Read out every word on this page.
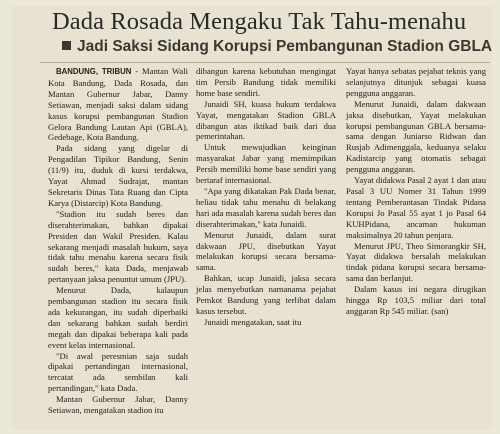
Dada Rosada Mengaku Tak Tahu-menahu
Jadi Saksi Sidang Korupsi Pembangunan Stadion GBLA

BANDUNG, TRIBUN - Mantan Wali Kota Bandung, Dada Rosada, dan Mantan Gubernur Jabar, Danny Setiawan, menjadi saksi dalam sidang kasus korupsi pembangunan Stadion Gelora Bandung Lautan Api (GBLA), Gedebage, Kota Bandung.

Pada sidang yang digelar di Pengadilan Tipikor Bandung, Senin (11/9) itu, duduk di kursi terdakwa, Yayat Ahmad Sudrajat, mantan Sekretaris Dinas Tata Ruang dan Cipta Karya (Distarcip) Kota Bandung.

"Stadion itu sudah beres dan diserahterimakan, bahkan dipakai Presiden dan Wakil Presiden. Kalau sekarang menjadi masalah hukum, saya tidak tahu menahu karena secara fisik sudah beres," kata Dada, menjawab pertanyaan jaksa penuntut umum (JPU).

Menurut Dada, kalaupun pembangunan stadion itu secara fisik ada kekurangan, itu sudah diperbaiki dan sekarang bahkan sudah berdiri megah dan dipakai beberapa kali pada event kelas internasional.

"Di awal peresmian saja sudah dipakai pertandingan internasional, tercatat ada sembilan kali pertandingan," kata Dada.

Mantan Gubernur Jabar, Danny Setiawan, mengatakan stadion itu

dibangun karena kebutuhan mengingat tim Persib Bandung tidak memiliki home base sendiri.

Junaidi SH, kuasa hukum terdakwa Yayat, mengatakan Stadion GBLA dibangun atas iktikad baik dari dua pemerintahan.

Untuk mewujudkan keinginan masyarakat Jabar yang memimpikan Persib memiliki home base sendiri yang bertaraf internasional.

"Apa yang dikatakan Pak Dada benar, beliau tidak tahu menahu di belakang hari ada masalah karena sudah beres dan diserahterimakan," kata Junaidi.

Menurut Junaidi, dalam surat dakwaan JPU, disebutkan Yayat melakukan korupsi secara bersama-sama.

Bahkan, ucap Junaidi, jaksa secara jelas menyebutkan namanama pejabat Pemkot Bandung yang terlibat dalam kasus tersebut.

Junaidi mengatakan, saat itu

Yayat hanya sebatas pejabat teknis yang selanjutnya ditunjuk sebagai kuasa pengguna anggaran.

Menurut Junaidi, dalam dakwaan jaksa disebutkan, Yayat melakukan korupsi pembangunan GBLA bersama-sama dengan Juniarso Ridwan dan Rusjab Adimenggala, keduanya selaku Kadistarcip yang otomatis sebagai pengguna anggaran.

Yayat didakwa Pasal 2 ayat 1 dan atau Pasal 3 UU Nomer 31 Tahun 1999 tentang Pemberantasan Tindak Pidana Korupsi Jo Pasal 55 ayat 1 jo Pasal 64 KUHPidana, ancaman hukuman maksimalnya 20 tahun penjara.

Menurut JPU, Theo Simorangkir SH, Yayat didakwa bersalah melakukan tindak pidana korupsi secara bersama-sama dan berlanjut.

Dalam kasus ini negara dirugikan hingga Rp 103,5 miliar dari total anggaran Rp 545 miliar. (san)
